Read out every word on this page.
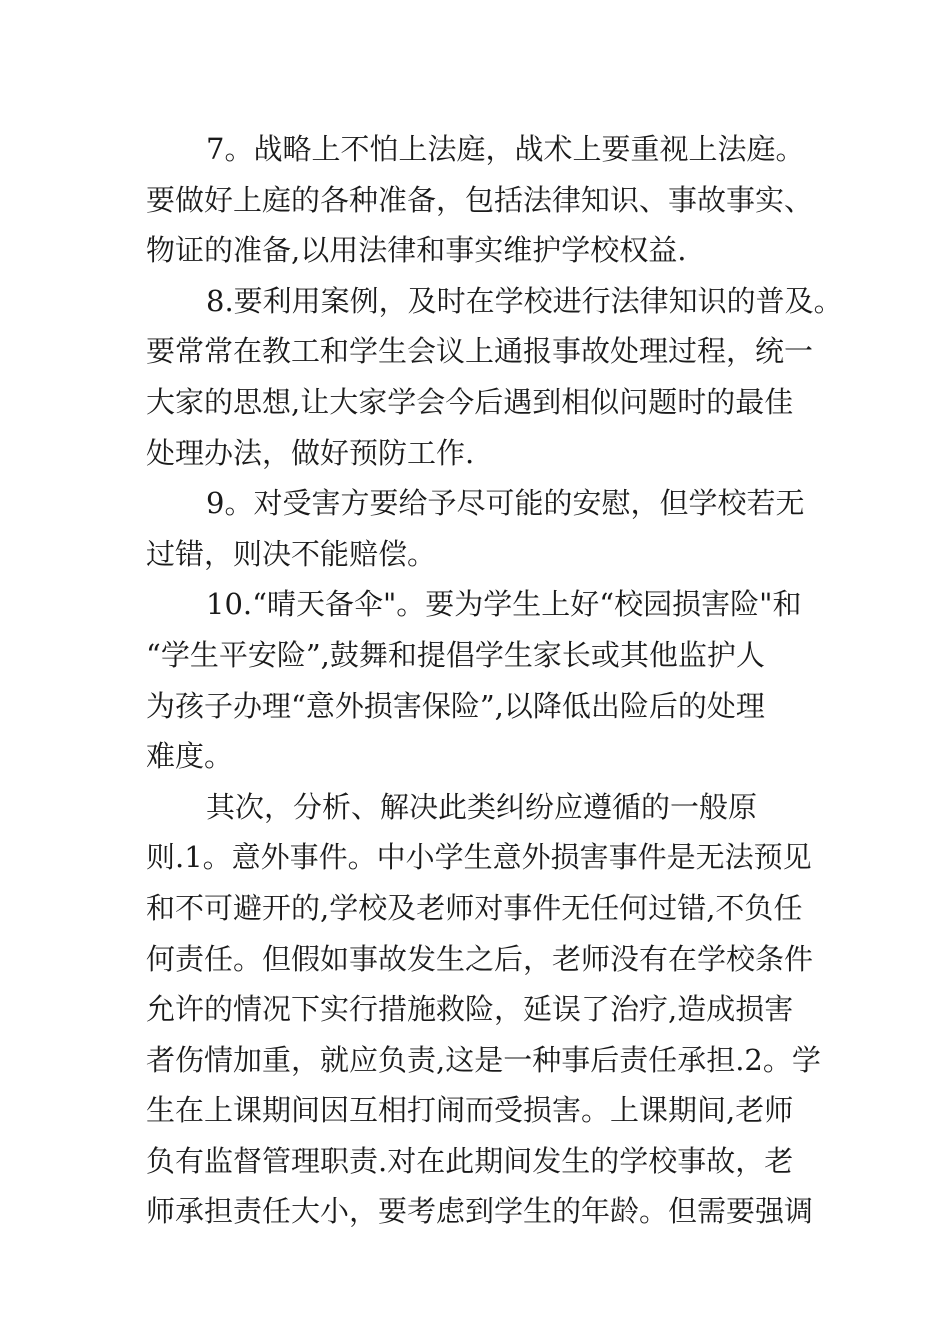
7。战略上不怕上法庭，战术上要重视上法庭。
要做好上庭的各种准备，包括法律知识、事故事实、
物证的准备,以用法律和事实维护学校权益.
8.要利用案例，及时在学校进行法律知识的普及。
要常常在教工和学生会议上通报事故处理过程，统一
大家的思想,让大家学会今后遇到相似问题时的最佳
处理办法，做好预防工作.
9。对受害方要给予尽可能的安慰，但学校若无
过错，则决不能赔偿。
10.“晴天备伞"。要为学生上好“校园损害险"和
“学生平安险”,鼓舞和提倡学生家长或其他监护人
为孩子办理“意外损害保险”,以降低出险后的处理
难度。
其次，分析、解决此类纠纷应遵循的一般原
则.1。意外事件。中小学生意外损害事件是无法预见
和不可避开的,学校及老师对事件无任何过错,不负任
何责任。但假如事故发生之后，老师没有在学校条件
允许的情况下实行措施救险，延误了治疗,造成损害
者伤情加重，就应负责,这是一种事后责任承担.2。学
生在上课期间因互相打闹而受损害。上课期间,老师
负有监督管理职责.对在此期间发生的学校事故，老
师承担责任大小，要考虑到学生的年龄。但需要强调
